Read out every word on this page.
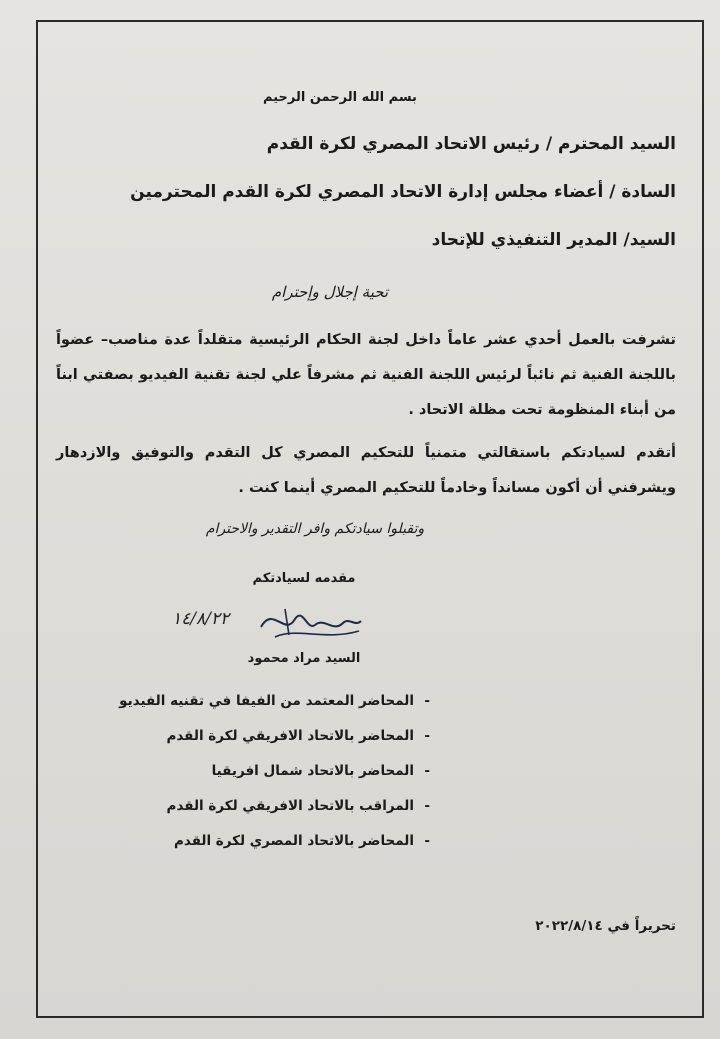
بسم الله الرحمن الرحيم
السيد المحترم / رئيس الاتحاد المصري لكرة القدم
السادة / أعضاء مجلس إدارة الاتحاد المصري لكرة القدم المحترمين
السيد/ المدير التنفيذي للإتحاد
تحية إجلال وإحترام
تشرفت بالعمل أحدي عشر عاماً داخل لجنة الحكام الرئيسية متقلداً عدة مناصب– عضواً باللجنة الفنية ثم نائباً لرئيس اللجنة الفنية ثم مشرفاً علي لجنة تقنية الفيديو بصفتي ابناً من أبناء المنظومة تحت مظلة الاتحاد .
أتقدم لسيادتكم باستقالتي متمنياً للتحكيم المصري كل التقدم والتوفيق والازدهار ويشرفني أن أكون مسانداً وخادماً للتحكيم المصري أينما كنت .
وتقبلوا سيادتكم وافر التقدير والاحترام
مقدمه لسيادتكم
١٤/٨/٢٢
السيد مراد محمود
- المحاضر المعتمد من الفيفا في تقنيه الفيديو
- المحاضر بالاتحاد الافريقي لكرة القدم
- المحاضر بالاتحاد شمال افريقيا
- المراقب بالاتحاد الافريقي لكرة القدم
- المحاضر بالاتحاد المصري لكرة القدم
تحريراً في ٢٠٢٢/٨/١٤
